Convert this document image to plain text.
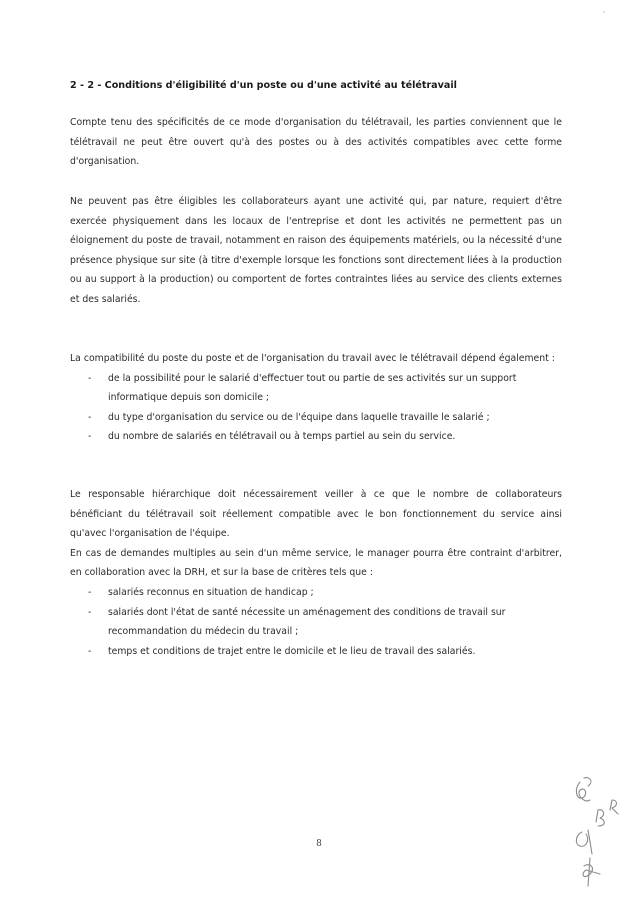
2 - 2 - Conditions d'éligibilité d'un poste ou d'une activité au télétravail

Compte tenu des spécificités de ce mode d'organisation du télétravail, les parties conviennent que le télétravail ne peut être ouvert qu'à des postes ou à des activités compatibles avec cette forme d'organisation.

Ne peuvent pas être éligibles les collaborateurs ayant une activité qui, par nature, requiert d'être exercée physiquement dans les locaux de l'entreprise et dont les activités ne permettent pas un éloignement du poste de travail, notamment en raison des équipements matériels, ou la nécessité d'une présence physique sur site (à titre d'exemple lorsque les fonctions sont directement liées à la production ou au support à la production) ou comportent de fortes contraintes liées au service des clients externes et des salariés.

La compatibilité du poste du poste et de l'organisation du travail avec le télétravail dépend également :
- de la possibilité pour le salarié d'effectuer tout ou partie de ses activités sur un support informatique depuis son domicile ;
- du type d'organisation du service ou de l'équipe dans laquelle travaille le salarié ;
- du nombre de salariés en télétravail ou à temps partiel au sein du service.
Le responsable hiérarchique doit nécessairement veiller à ce que le nombre de collaborateurs bénéficiant du télétravail soit réellement compatible avec le bon fonctionnement du service ainsi qu'avec l'organisation de l'équipe.
En cas de demandes multiples au sein d'un même service, le manager pourra être contraint d'arbitrer, en collaboration avec la DRH, et sur la base de critères tels que :
- salariés reconnus en situation de handicap ;
- salariés dont l'état de santé nécessite un aménagement des conditions de travail sur recommandation du médecin du travail ;
- temps et conditions de trajet entre le domicile et le lieu de travail des salariés.
8
